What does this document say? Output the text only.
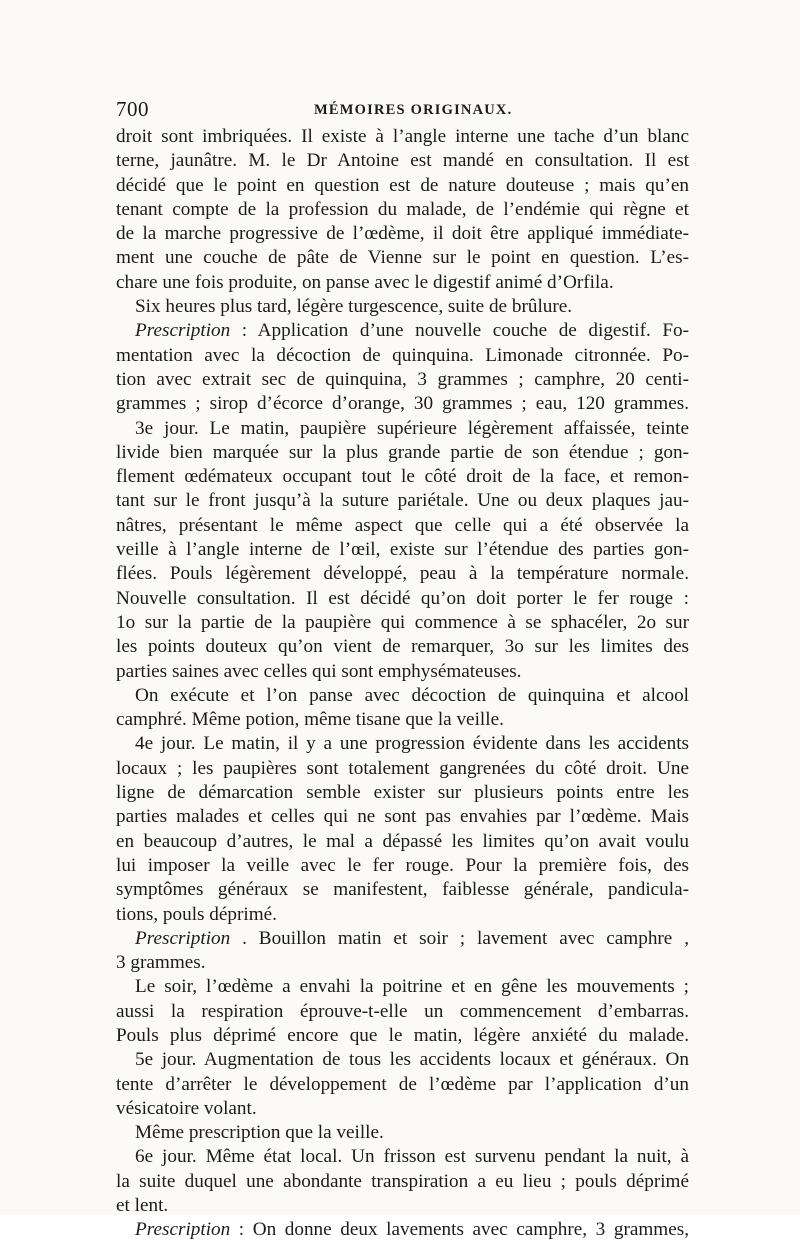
700	MÉMOIRES ORIGINAUX.
droit sont imbriquées. Il existe à l’angle interne une tache d’un blanc
terne, jaunâtre. M. le Dr Antoine est mandé en consultation. Il est
décidé que le point en question est de nature douteuse ; mais qu’en
tenant compte de la profession du malade, de l’endémie qui règne et
de la marche progressive de l’œdème, il doit être appliqué immédiate-
ment une couche de pâte de Vienne sur le point en question. L’es-
chare une fois produite, on panse avec le digestif animé d’Orfila.
Six heures plus tard, légère turgescence, suite de brûlure.
Prescription : Application d’une nouvelle couche de digestif. Fo-
mentation avec la décoction de quinquina. Limonade citronnée. Po-
tion avec extrait sec de quinquina, 3 grammes ; camphre, 20 centi-
grammes ; sirop d’écorce d’orange, 30 grammes ; eau, 120 grammes.
3e jour. Le matin, paupière supérieure légèrement affaissée, teinte
livide bien marquée sur la plus grande partie de son étendue ; gon-
flement œdémateux occupant tout le côté droit de la face, et remon-
tant sur le front jusqu’à la suture pariétale. Une ou deux plaques jau-
nâtres, présentant le même aspect que celle qui a été observée la
veille à l’angle interne de l’œil, existe sur l’étendue des parties gon-
flées. Pouls légèrement développé, peau à la température normale.
Nouvelle consultation. Il est décidé qu’on doit porter le fer rouge :
1o sur la partie de la paupière qui commence à se sphacéler, 2o sur
les points douteux qu’on vient de remarquer, 3o sur les limites des
parties saines avec celles qui sont emphysémateuses.
On exécute et l’on panse avec décoction de quinquina et alcool
camphré. Même potion, même tisane que la veille.
4e jour. Le matin, il y a une progression évidente dans les accidents
locaux ; les paupières sont totalement gangrenées du côté droit. Une
ligne de démarcation semble exister sur plusieurs points entre les
parties malades et celles qui ne sont pas envahies par l’œdème. Mais
en beaucoup d’autres, le mal a dépassé les limites qu’on avait voulu
lui imposer la veille avec le fer rouge. Pour la première fois, des
symptômes généraux se manifestent, faiblesse générale, pandicula-
tions, pouls déprimé.
Prescription . Bouillon matin et soir ; lavement avec camphre ,
3 grammes.
Le soir, l’œdème a envahi la poitrine et en gêne les mouvements ;
aussi la respiration éprouve-t-elle un commencement d’embarras.
Pouls plus déprimé encore que le matin, légère anxiété du malade.
5e jour. Augmentation de tous les accidents locaux et généraux. On
tente d’arrêter le développement de l’œdème par l’application d’un
vésicatoire volant.
Même prescription que la veille.
6e jour. Même état local. Un frisson est survenu pendant la nuit, à
la suite duquel une abondante transpiration a eu lieu ; pouls déprimé
et lent.
Prescription : On donne deux lavements avec camphre, 3 grammes,
